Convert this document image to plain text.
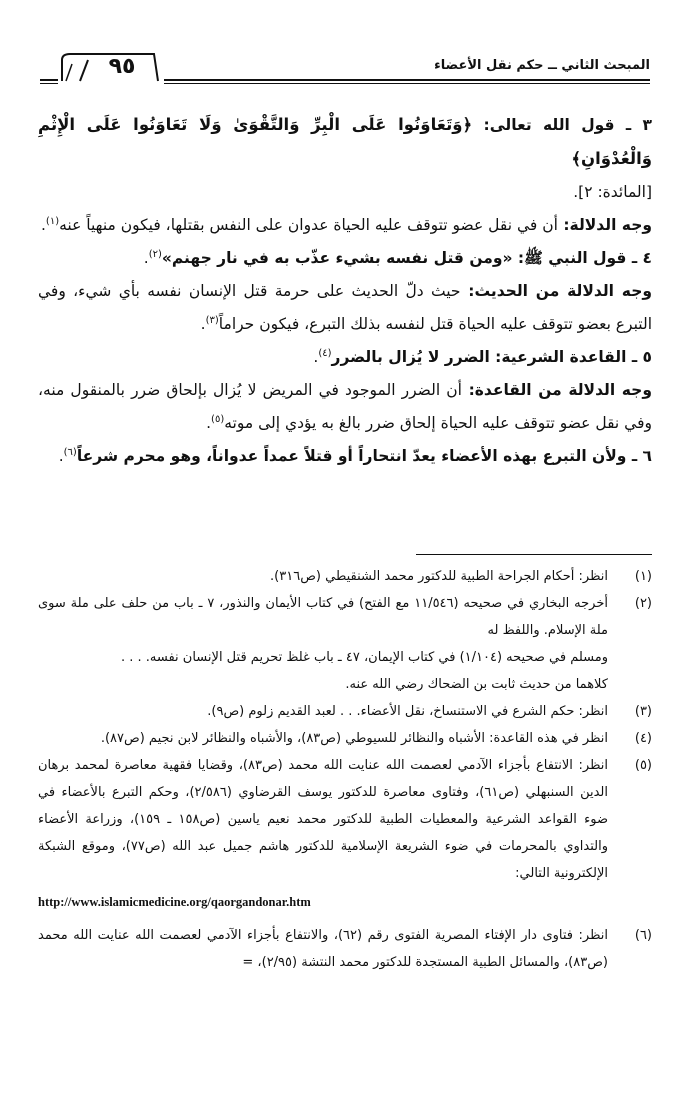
المبحث الثاني ــ حكم نقل الأعضاء
٩٥

٣ ـ قول الله تعالى: ﴿وَتَعَاوَنُوا عَلَى الْبِرِّ وَالتَّقْوَىٰ وَلَا تَعَاوَنُوا عَلَى الْإِثْمِ وَالْعُدْوَانِ﴾

[المائدة: ٢].

وجه الدلالة: أن في نقل عضو تتوقف عليه الحياة عدوان على النفس بقتلها، فيكون منهياً عنه$^{(١)}$.

٤ ـ قول النبي ﷺ: «ومن قتل نفسه بشيء عذّب به في نار جهنم»$^{(٢)}$.

وجه الدلالة من الحديث: حيث دلّ الحديث على حرمة قتل الإنسان نفسه بأي شيء، وفي التبرع بعضو تتوقف عليه الحياة قتل لنفسه بذلك التبرع، فيكون حراماً$^{(٣)}$.

٥ ـ القاعدة الشرعية: الضرر لا يُزال بالضرر$^{(٤)}$.

وجه الدلالة من القاعدة: أن الضرر الموجود في المريض لا يُزال بإلحاق ضرر بالمنقول منه، وفي نقل عضو تتوقف عليه الحياة إلحاق ضرر بالغ به يؤدي إلى موته$^{(٥)}$.

٦ ـ ولأن التبرع بهذه الأعضاء يعدّ انتحاراً أو قتلاً عمداً عدواناً، وهو محرم شرعاً$^{(٦)}$.

(١)
انظر: أحكام الجراحة الطبية للدكتور محمد الشنقيطي (ص٣١٦).
(٢)
أخرجه البخاري في صحيحه (١١/٥٤٦ مع الفتح) في كتاب الأيمان والنذور، ٧ ـ باب من حلف على ملة سوى ملة الإسلام. واللفظ له
ومسلم في صحيحه (١/١٠٤) في كتاب الإيمان، ٤٧ ـ باب غلظ تحريم قتل الإنسان نفسه. . . .
كلاهما من حديث ثابت بن الضحاك رضي الله عنه.
(٣)
انظر: حكم الشرع في الاستنساخ، نقل الأعضاء. . . لعبد القديم زلوم (ص٩).
(٤)
انظر في هذه القاعدة: الأشباه والنظائر للسيوطي (ص٨٣)، والأشباه والنظائر لابن نجيم (ص٨٧).
(٥)
انظر: الانتفاع بأجزاء الآدمي لعصمت الله عنايت الله محمد (ص٨٣)، وقضايا فقهية معاصرة لمحمد برهان الدين السنبهلي (ص٦١)، وفتاوى معاصرة للدكتور يوسف القرضاوي (٢/٥٨٦)، وحكم التبرع بالأعضاء في ضوء القواعد الشرعية والمعطيات الطبية للدكتور محمد نعيم ياسين (ص١٥٨ ـ ١٥٩)، وزراعة الأعضاء والتداوي بالمحرمات في ضوء الشريعة الإسلامية للدكتور هاشم جميل عبد الله (ص٧٧)، وموقع الشبكة الإلكترونية التالي:
http://www.islamicmedicine.org/qaorgandonar.htm
(٦)
انظر: فتاوى دار الإفتاء المصرية الفتوى رقم (٦٢)، والانتفاع بأجزاء الآدمي لعصمت الله عنايت الله محمد (ص٨٣)، والمسائل الطبية المستجدة للدكتور محمد النتشة (٢/٩٥)، =
